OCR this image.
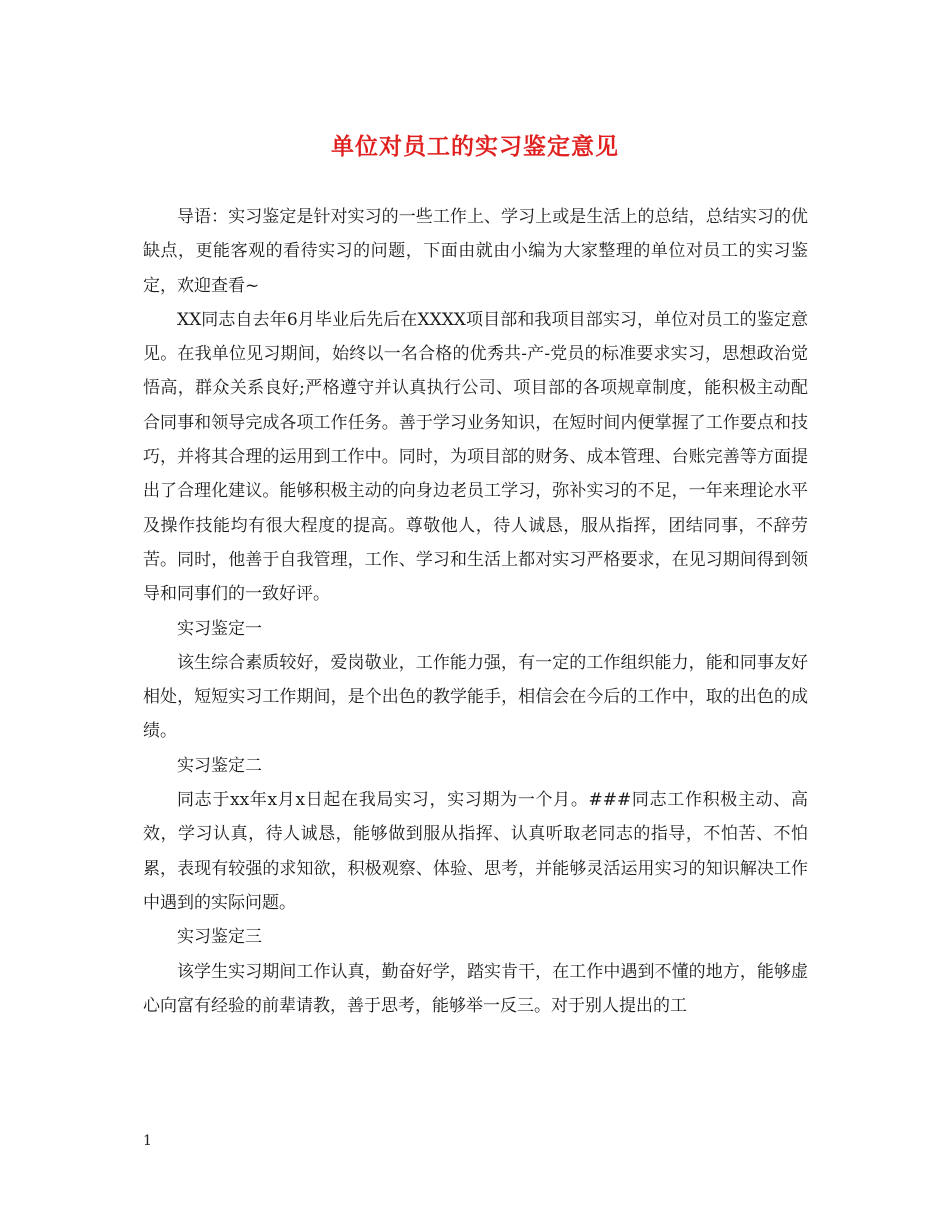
单位对员工的实习鉴定意见

导语：实习鉴定是针对实习的一些工作上、学习上或是生活上的总结，总结实习的优缺点，更能客观的看待实习的问题，下面由就由小编为大家整理的单位对员工的实习鉴定，欢迎查看~

XX同志自去年6月毕业后先后在XXXX项目部和我项目部实习，单位对员工的鉴定意见。在我单位见习期间，始终以一名合格的优秀共-产-党员的标准要求实习，思想政治觉悟高，群众关系良好;严格遵守并认真执行公司、项目部的各项规章制度，能积极主动配合同事和领导完成各项工作任务。善于学习业务知识，在短时间内便掌握了工作要点和技巧，并将其合理的运用到工作中。同时，为项目部的财务、成本管理、台账完善等方面提出了合理化建议。能够积极主动的向身边老员工学习，弥补实习的不足，一年来理论水平及操作技能均有很大程度的提高。尊敬他人，待人诚恳，服从指挥，团结同事，不辞劳苦。同时，他善于自我管理，工作、学习和生活上都对实习严格要求，在见习期间得到领导和同事们的一致好评。

实习鉴定一

该生综合素质较好，爱岗敬业，工作能力强，有一定的工作组织能力，能和同事友好相处，短短实习工作期间，是个出色的教学能手，相信会在今后的工作中，取的出色的成绩。

实习鉴定二

同志于xx年x月x日起在我局实习，实习期为一个月。###同志工作积极主动、高效，学习认真，待人诚恳，能够做到服从指挥、认真听取老同志的指导，不怕苦、不怕累，表现有较强的求知欲，积极观察、体验、思考，并能够灵活运用实习的知识解决工作中遇到的实际问题。

实习鉴定三

该学生实习期间工作认真，勤奋好学，踏实肯干，在工作中遇到不懂的地方，能够虚心向富有经验的前辈请教，善于思考，能够举一反三。对于别人提出的工

1
